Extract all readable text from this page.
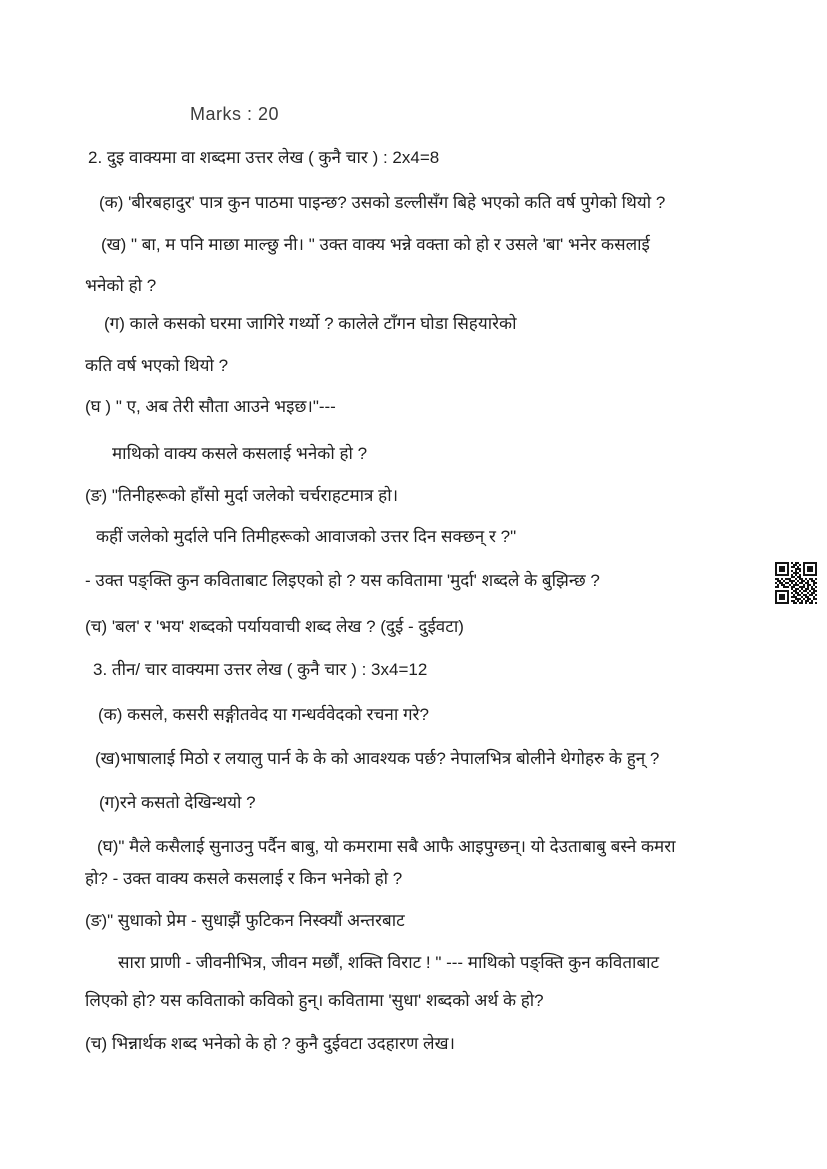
Marks : 20
2. दुइ वाक्यमा वा शब्दमा उत्तर लेख ( कुनै चार ) : 2x4=8
(क) 'बीरबहादुर' पात्र कुन पाठमा पाइन्छ? उसको डल्लीसँग बिहे भएको कति वर्ष पुगेको थियो ?
(ख) " बा, म पनि माछा माल्छु नी। " उक्त वाक्य भन्ने वक्ता को हो र उसले 'बा' भनेर कसलाई
भनेको हो ?
(ग) काले कसको घरमा जागिरे गर्थ्यो ? कालेले टाँगन घोडा सिहयारेको
कति वर्ष भएको थियो ?
(घ ) " ए, अब तेरी सौता आउने भइछ।"---
माथिको वाक्य कसले कसलाई भनेको हो ?
(ङ) "तिनीहरूको हाँसो मुर्दा जलेको चर्चराहटमात्र हो।
कहीं जलेको मुर्दाले पनि तिमीहरूको आवाजको उत्तर दिन सक्छन् र ?"
- उक्त पङ्क्ति कुन कविताबाट लिइएको हो ? यस कवितामा 'मुर्दा' शब्दले के बुझिन्छ ?
(च) 'बल' र 'भय' शब्दको पर्यायवाची शब्द लेख ? (दुई - दुईवटा)
3. तीन/ चार वाक्यमा उत्तर लेख ( कुनै चार ) : 3x4=12
(क) कसले, कसरी सङ्गीतवेद या गन्धर्ववेदको रचना गरे?
(ख)भाषालाई मिठो र लयालु पार्न के के को आवश्यक पर्छ? नेपालभित्र बोलीने थेगोहरु के हुन् ?
(ग)रने कसतो देखिन्थयो ?
(घ)" मैले कसैलाई सुनाउनु पर्दैन बाबु, यो कमरामा सबै आफै आइपुग्छन्। यो देउताबाबु बस्ने कमरा
हो? - उक्त वाक्य कसले कसलाई र किन भनेको हो ?
(ङ)" सुधाको प्रेम - सुधाझैं फुटिकन निस्क्यौं अन्तरबाट
सारा प्राणी - जीवनीभित्र, जीवन मर्छौं, शक्ति विराट ! " --- माथिको पङ्क्ति कुन कविताबाट
लिएको हो? यस कविताको कविको हुन्। कवितामा 'सुधा' शब्दको अर्थ के हो?
(च) भिन्नार्थक शब्द भनेको के हो ? कुनै दुईवटा उदहारण लेख।
